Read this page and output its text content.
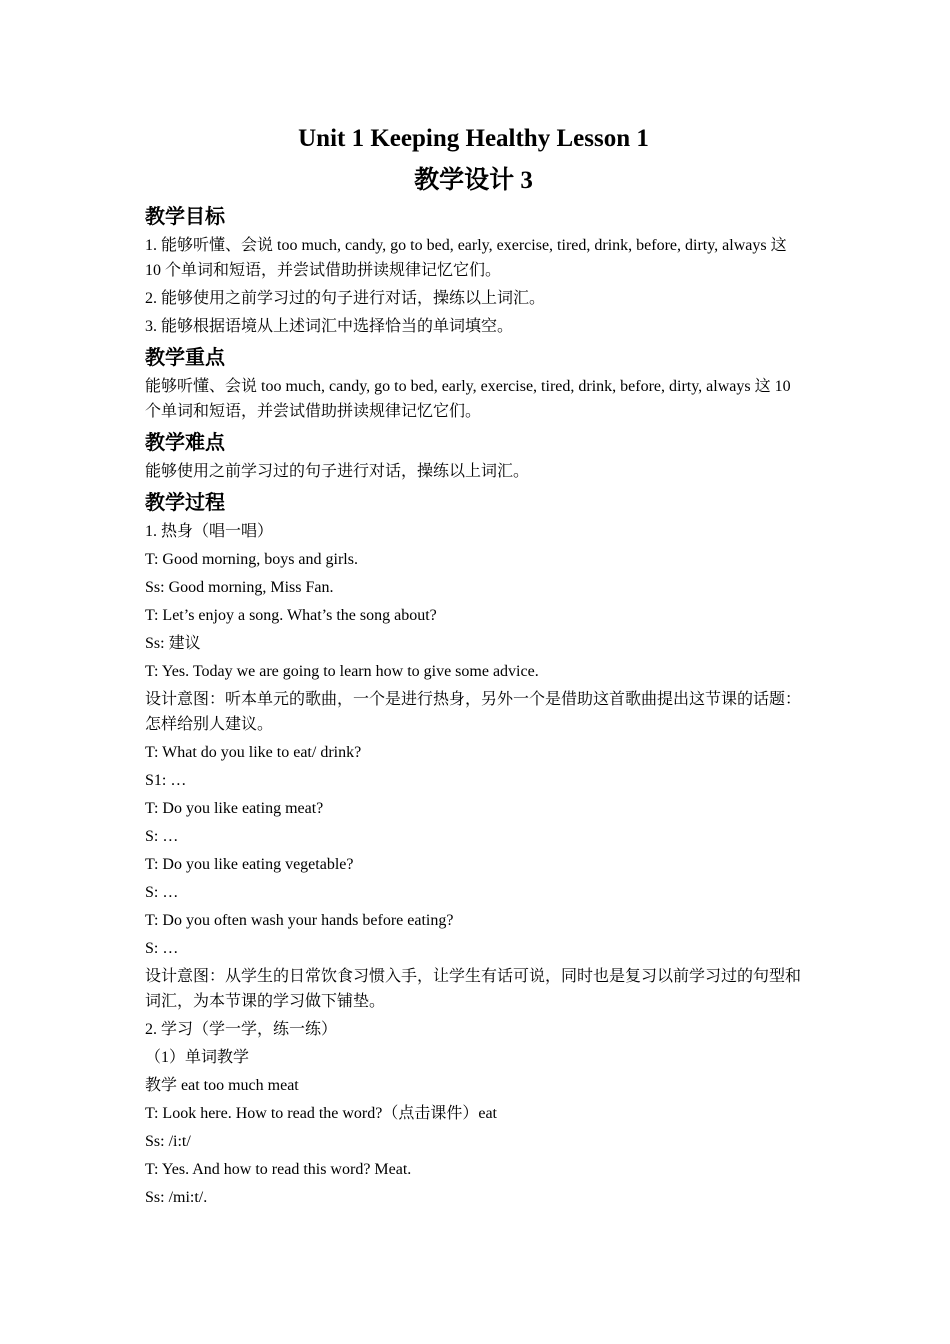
Unit 1 Keeping Healthy Lesson 1
教学设计 3
教学目标

1. 能够听懂、会说 too much, candy, go to bed, early, exercise, tired, drink, before, dirty, always 这 10 个单词和短语，并尝试借助拼读规律记忆它们。

2. 能够使用之前学习过的句子进行对话，操练以上词汇。

3. 能够根据语境从上述词汇中选择恰当的单词填空。

教学重点

能够听懂、会说 too much, candy, go to bed, early, exercise, tired, drink, before, dirty, always 这 10 个单词和短语，并尝试借助拼读规律记忆它们。

教学难点

能够使用之前学习过的句子进行对话，操练以上词汇。

教学过程

1. 热身（唱一唱）

T: Good morning, boys and girls.

Ss: Good morning, Miss Fan.

T: Let’s enjoy a song. What’s the song about?

Ss: 建议

T: Yes. Today we are going to learn how to give some advice.

设计意图：听本单元的歌曲，一个是进行热身，另外一个是借助这首歌曲提出这节课的话题：怎样给别人建议。

T: What do you like to eat/ drink?

S1: …

T: Do you like eating meat?

S: …

T: Do you like eating vegetable?

S: …

T: Do you often wash your hands before eating?

S: …

设计意图：从学生的日常饮食习惯入手，让学生有话可说，同时也是复习以前学习过的句型和词汇，为本节课的学习做下铺垫。

2. 学习（学一学，练一练）

（1）单词教学

教学 eat too much meat

T: Look here. How to read the word?（点击课件）eat

Ss: /i:t/

T: Yes. And how to read this word? Meat.

Ss: /mi:t/.
